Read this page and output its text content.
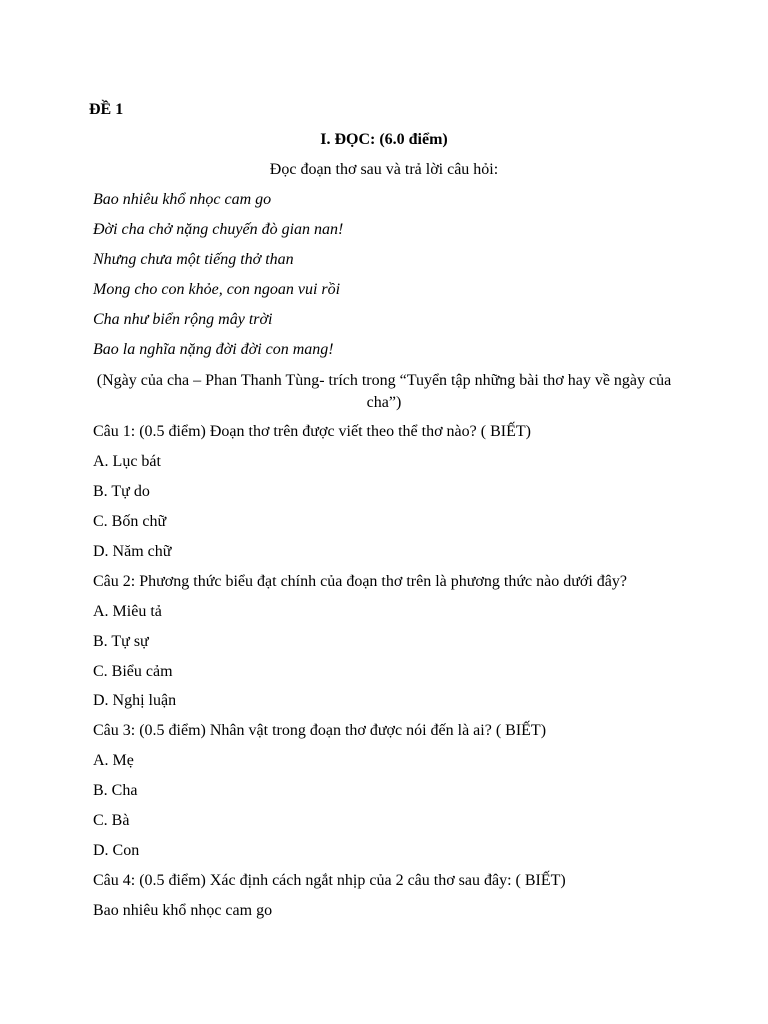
ĐỀ 1
I. ĐỌC: (6.0 điểm)
Đọc đoạn thơ sau và trả lời câu hỏi:
Bao nhiêu khổ nhọc cam go
Đời cha chở nặng chuyến đò gian nan!
Nhưng chưa một tiếng thở than
Mong cho con khỏe, con ngoan vui rồi
Cha như biển rộng mây trời
Bao la nghĩa nặng đời đời con mang!
(Ngày của cha – Phan Thanh Tùng- trích trong “Tuyển tập những bài thơ hay về ngày của cha”)
Câu 1: (0.5 điểm) Đoạn thơ trên được viết theo thể thơ nào? ( BIẾT)
A. Lục bát
B. Tự do
C. Bốn chữ
D. Năm chữ
Câu 2: Phương thức biểu đạt chính của đoạn thơ trên là phương thức nào dưới đây?
A. Miêu tả
B. Tự sự
C. Biểu cảm
D. Nghị luận
Câu 3: (0.5 điểm) Nhân vật trong đoạn thơ được nói đến là ai? ( BIẾT)
A. Mẹ
B. Cha
C. Bà
D. Con
Câu 4: (0.5 điểm) Xác định cách ngắt nhịp của 2 câu thơ sau đây: ( BIẾT)
Bao nhiêu khổ nhọc cam go
